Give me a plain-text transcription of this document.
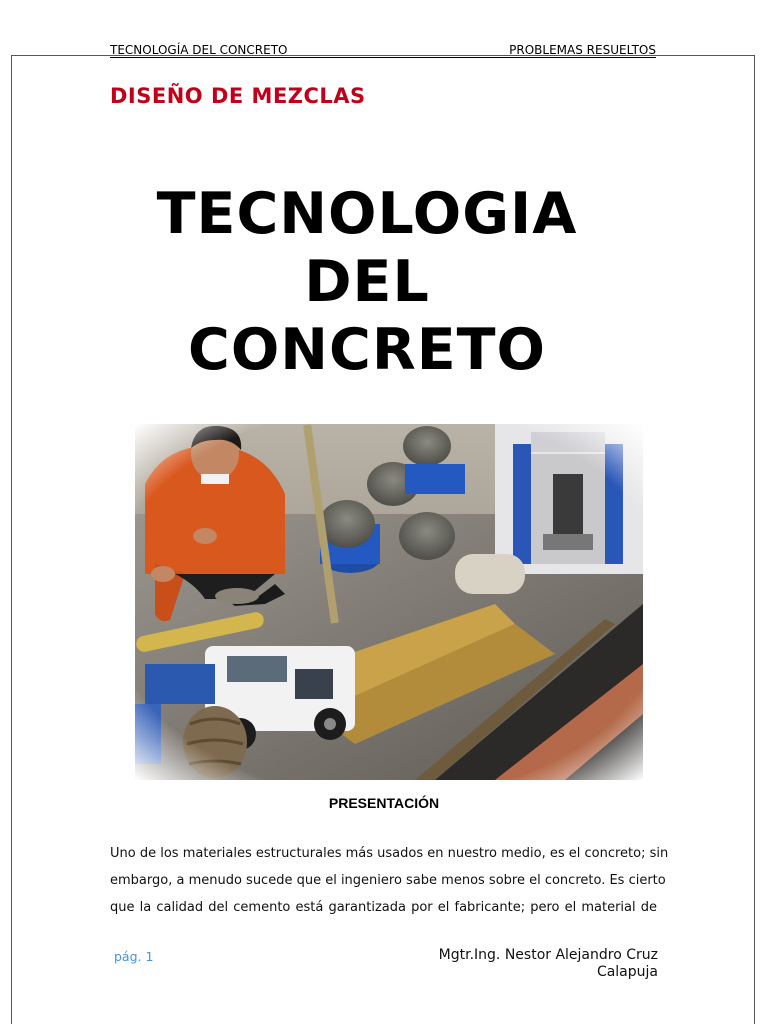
TECNOLOGÍA DEL CONCRETO	PROBLEMAS RESUELTOS
DISEÑO DE MEZCLAS
TECNOLOGIA
DEL
CONCRETO
PRESENTACIÓN
Uno de los materiales estructurales más usados en nuestro medio, es el concreto; sin
embargo, a menudo sucede que el ingeniero sabe menos sobre el concreto. Es cierto
que la calidad del cemento está garantizada por el fabricante; pero el material de
pág. 1	Mgtr.Ing. Nestor Alejandro Cruz
Calapuja
